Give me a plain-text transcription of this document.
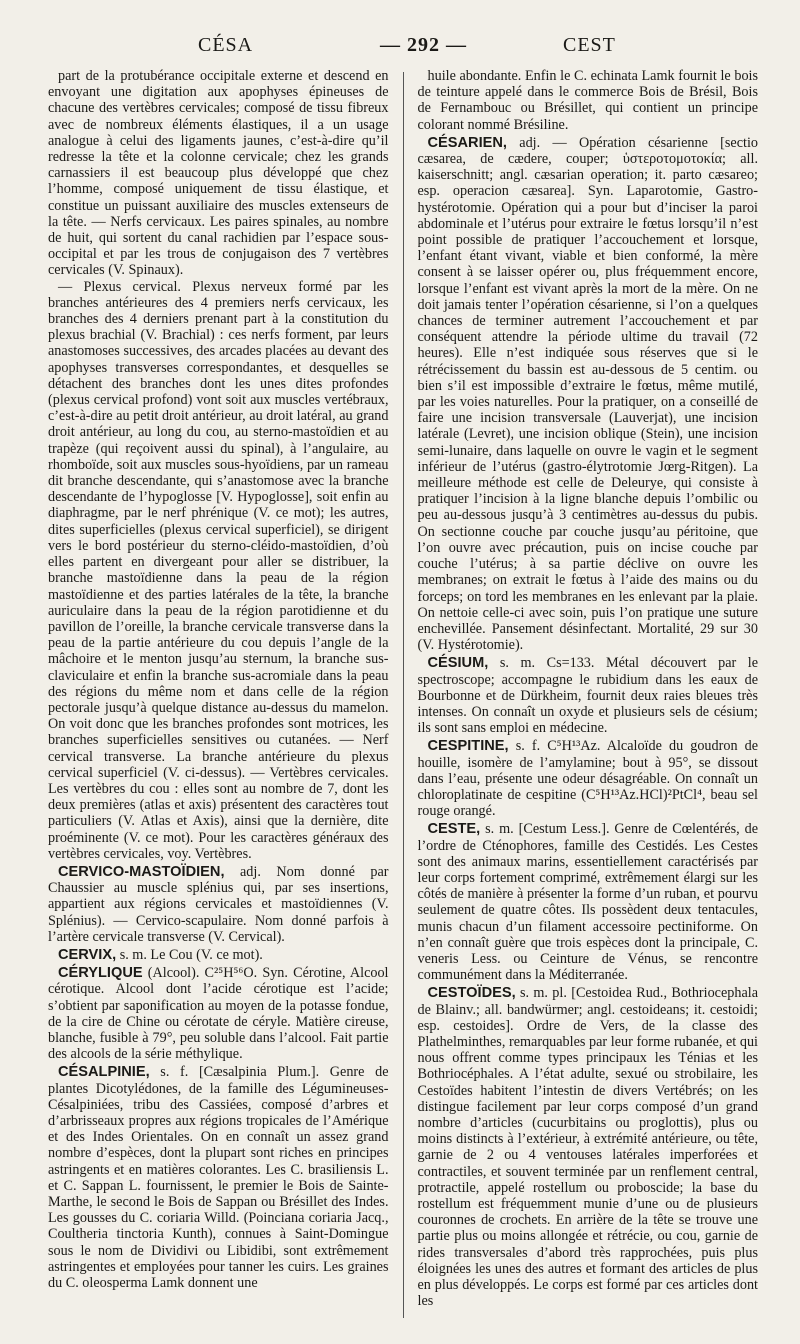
CÉSA	— 292 —	CEST

part de la protubérance occipitale externe et descend en envoyant une digitation aux apophyses épineuses de chacune des vertèbres cervicales; composé de tissu fibreux avec de nombreux éléments élastiques, il a un usage analogue à celui des ligaments jaunes, c’est-à-dire qu’il redresse la tête et la colonne cervicale; chez les grands carnassiers il est beaucoup plus développé que chez l’homme, composé uniquement de tissu élastique, et constitue un puissant auxiliaire des muscles extenseurs de la tête. — Nerfs cervicaux. Les paires spinales, au nombre de huit, qui sortent du canal rachidien par l’espace sous-occipital et par les trous de conjugaison des 7 vertèbres cervicales (V. Spinaux).

— Plexus cervical. Plexus nerveux formé par les branches antérieures des 4 premiers nerfs cervicaux, les branches des 4 derniers prenant part à la constitution du plexus brachial (V. Brachial) : ces nerfs forment, par leurs anastomoses successives, des arcades placées au devant des apophyses transverses correspondantes, et desquelles se détachent des branches dont les unes dites profondes (plexus cervical profond) vont soit aux muscles vertébraux, c’est-à-dire au petit droit antérieur, au droit latéral, au grand droit antérieur, au long du cou, au sterno-mastoïdien et au trapèze (qui reçoivent aussi du spinal), à l’angulaire, au rhomboïde, soit aux muscles sous-hyoïdiens, par un rameau dit branche descendante, qui s’anastomose avec la branche descendante de l’hypoglosse [V. Hypoglosse], soit enfin au diaphragme, par le nerf phrénique (V. ce mot); les autres, dites superficielles (plexus cervical superficiel), se dirigent vers le bord postérieur du sterno-cléido-mastoïdien, d’où elles partent en divergeant pour aller se distribuer, la branche mastoïdienne dans la peau de la région mastoïdienne et des parties latérales de la tête, la branche auriculaire dans la peau de la région parotidienne et du pavillon de l’oreille, la branche cervicale transverse dans la peau de la partie antérieure du cou depuis l’angle de la mâchoire et le menton jusqu’au sternum, la branche sus-claviculaire et enfin la branche sus-acromiale dans la peau des régions du même nom et dans celle de la région pectorale jusqu’à quelque distance au-dessus du mamelon. On voit donc que les branches profondes sont motrices, les branches superficielles sensitives ou cutanées. — Nerf cervical transverse. La branche antérieure du plexus cervical superficiel (V. ci-dessus). — Vertèbres cervicales. Les vertèbres du cou : elles sont au nombre de 7, dont les deux premières (atlas et axis) présentent des caractères tout particuliers (V. Atlas et Axis), ainsi que la dernière, dite proéminente (V. ce mot). Pour les caractères généraux des vertèbres cervicales, voy. Vertèbres.

CERVICO-MASTOÏDIEN, adj. Nom donné par Chaussier au muscle splénius qui, par ses insertions, appartient aux régions cervicales et mastoïdiennes (V. Splénius). — Cervico-scapulaire. Nom donné parfois à l’artère cervicale transverse (V. Cervical).

CERVIX, s. m. Le Cou (V. ce mot).

CÉRYLIQUE (Alcool). C²⁵H⁵⁶O. Syn. Cérotine, Alcool cérotique. Alcool dont l’acide cérotique est l’acide; s’obtient par saponification au moyen de la potasse fondue, de la cire de Chine ou cérotate de céryle. Matière cireuse, blanche, fusible à 79°, peu soluble dans l’alcool. Fait partie des alcools de la série méthylique.

CÉSALPINIE, s. f. [Cæsalpinia Plum.]. Genre de plantes Dicotylédones, de la famille des Légumineuses-Césalpiniées, tribu des Cassiées, composé d’arbres et d’arbrisseaux propres aux régions tropicales de l’Amérique et des Indes Orientales. On en connaît un assez grand nombre d’espèces, dont la plupart sont riches en principes astringents et en matières colorantes. Les C. brasiliensis L. et C. Sappan L. fournissent, le premier le Bois de Sainte-Marthe, le second le Bois de Sappan ou Brésillet des Indes. Les gousses du C. coriaria Willd. (Poinciana coriaria Jacq., Coultheria tinctoria Kunth), connues à Saint-Domingue sous le nom de Dividivi ou Libidibi, sont extrêmement astringentes et employées pour tanner les cuirs. Les graines du C. oleosperma Lamk donnent une

huile abondante. Enfin le C. echinata Lamk fournit le bois de teinture appelé dans le commerce Bois de Brésil, Bois de Fernambouc ou Brésillet, qui contient un principe colorant nommé Brésiline.

CÉSARIEN, adj. — Opération césarienne [sectio cæsarea, de cædere, couper; ὑστεροτομοτοκία; all. kaiserschnitt; angl. cæsarian operation; it. parto cæsareo; esp. operacion cæsarea]. Syn. Laparotomie, Gastro-hystérotomie. Opération qui a pour but d’inciser la paroi abdominale et l’utérus pour extraire le fœtus lorsqu’il n’est point possible de pratiquer l’accouchement et lorsque, l’enfant étant vivant, viable et bien conformé, la mère consent à se laisser opérer ou, plus fréquemment encore, lorsque l’enfant est vivant après la mort de la mère. On ne doit jamais tenter l’opération césarienne, si l’on a quelques chances de terminer autrement l’accouchement et par conséquent attendre la période ultime du travail (72 heures). Elle n’est indiquée sous réserves que si le rétrécissement du bassin est au-dessous de 5 centim. ou bien s’il est impossible d’extraire le fœtus, même mutilé, par les voies naturelles. Pour la pratiquer, on a conseillé de faire une incision transversale (Lauverjat), une incision latérale (Levret), une incision oblique (Stein), une incision semi-lunaire, dans laquelle on ouvre le vagin et le segment inférieur de l’utérus (gastro-élytrotomie Jœrg-Ritgen). La meilleure méthode est celle de Deleurye, qui consiste à pratiquer l’incision à la ligne blanche depuis l’ombilic ou peu au-dessous jusqu’à 3 centimètres au-dessus du pubis. On sectionne couche par couche jusqu’au péritoine, que l’on ouvre avec précaution, puis on incise couche par couche l’utérus; à sa partie déclive on ouvre les membranes; on extrait le fœtus à l’aide des mains ou du forceps; on tord les membranes en les enlevant par la plaie. On nettoie celle-ci avec soin, puis l’on pratique une suture enchevillée. Pansement désinfectant. Mortalité, 29 sur 30 (V. Hystérotomie).

CÉSIUM, s. m. Cs=133. Métal découvert par le spectroscope; accompagne le rubidium dans les eaux de Bourbonne et de Dürkheim, fournit deux raies bleues très intenses. On connaît un oxyde et plusieurs sels de césium; ils sont sans emploi en médecine.

CESPITINE, s. f. C⁵H¹³Az. Alcaloïde du goudron de houille, isomère de l’amylamine; bout à 95°, se dissout dans l’eau, présente une odeur désagréable. On connaît un chloroplatinate de cespitine (C⁵H¹³Az.HCl)²PtCl⁴, beau sel rouge orangé.

CESTE, s. m. [Cestum Less.]. Genre de Cœlentérés, de l’ordre de Cténophores, famille des Cestidés. Les Cestes sont des animaux marins, essentiellement caractérisés par leur corps fortement comprimé, extrêmement élargi sur les côtés de manière à présenter la forme d’un ruban, et pourvu seulement de quatre côtes. Ils possèdent deux tentacules, munis chacun d’un filament accessoire pectiniforme. On n’en connaît guère que trois espèces dont la principale, C. veneris Less. ou Ceinture de Vénus, se rencontre communément dans la Méditerranée.

CESTOÏDES, s. m. pl. [Cestoidea Rud., Bothriocephala de Blainv.; all. bandwürmer; angl. cestoideans; it. cestoidi; esp. cestoides]. Ordre de Vers, de la classe des Plathelminthes, remarquables par leur forme rubanée, et qui nous offrent comme types principaux les Ténias et les Bothriocéphales. A l’état adulte, sexué ou strobilaire, les Cestoïdes habitent l’intestin de divers Vertébrés; on les distingue facilement par leur corps composé d’un grand nombre d’articles (cucurbitains ou proglottis), plus ou moins distincts à l’extérieur, à extrémité antérieure, ou tête, garnie de 2 ou 4 ventouses latérales imperforées et contractiles, et souvent terminée par un renflement central, protractile, appelé rostellum ou proboscide; la base du rostellum est fréquemment munie d’une ou de plusieurs couronnes de crochets. En arrière de la tête se trouve une partie plus ou moins allongée et rétrécie, ou cou, garnie de rides transversales d’abord très rapprochées, puis plus éloignées les unes des autres et formant des articles de plus en plus développés. Le corps est formé par ces articles dont les
